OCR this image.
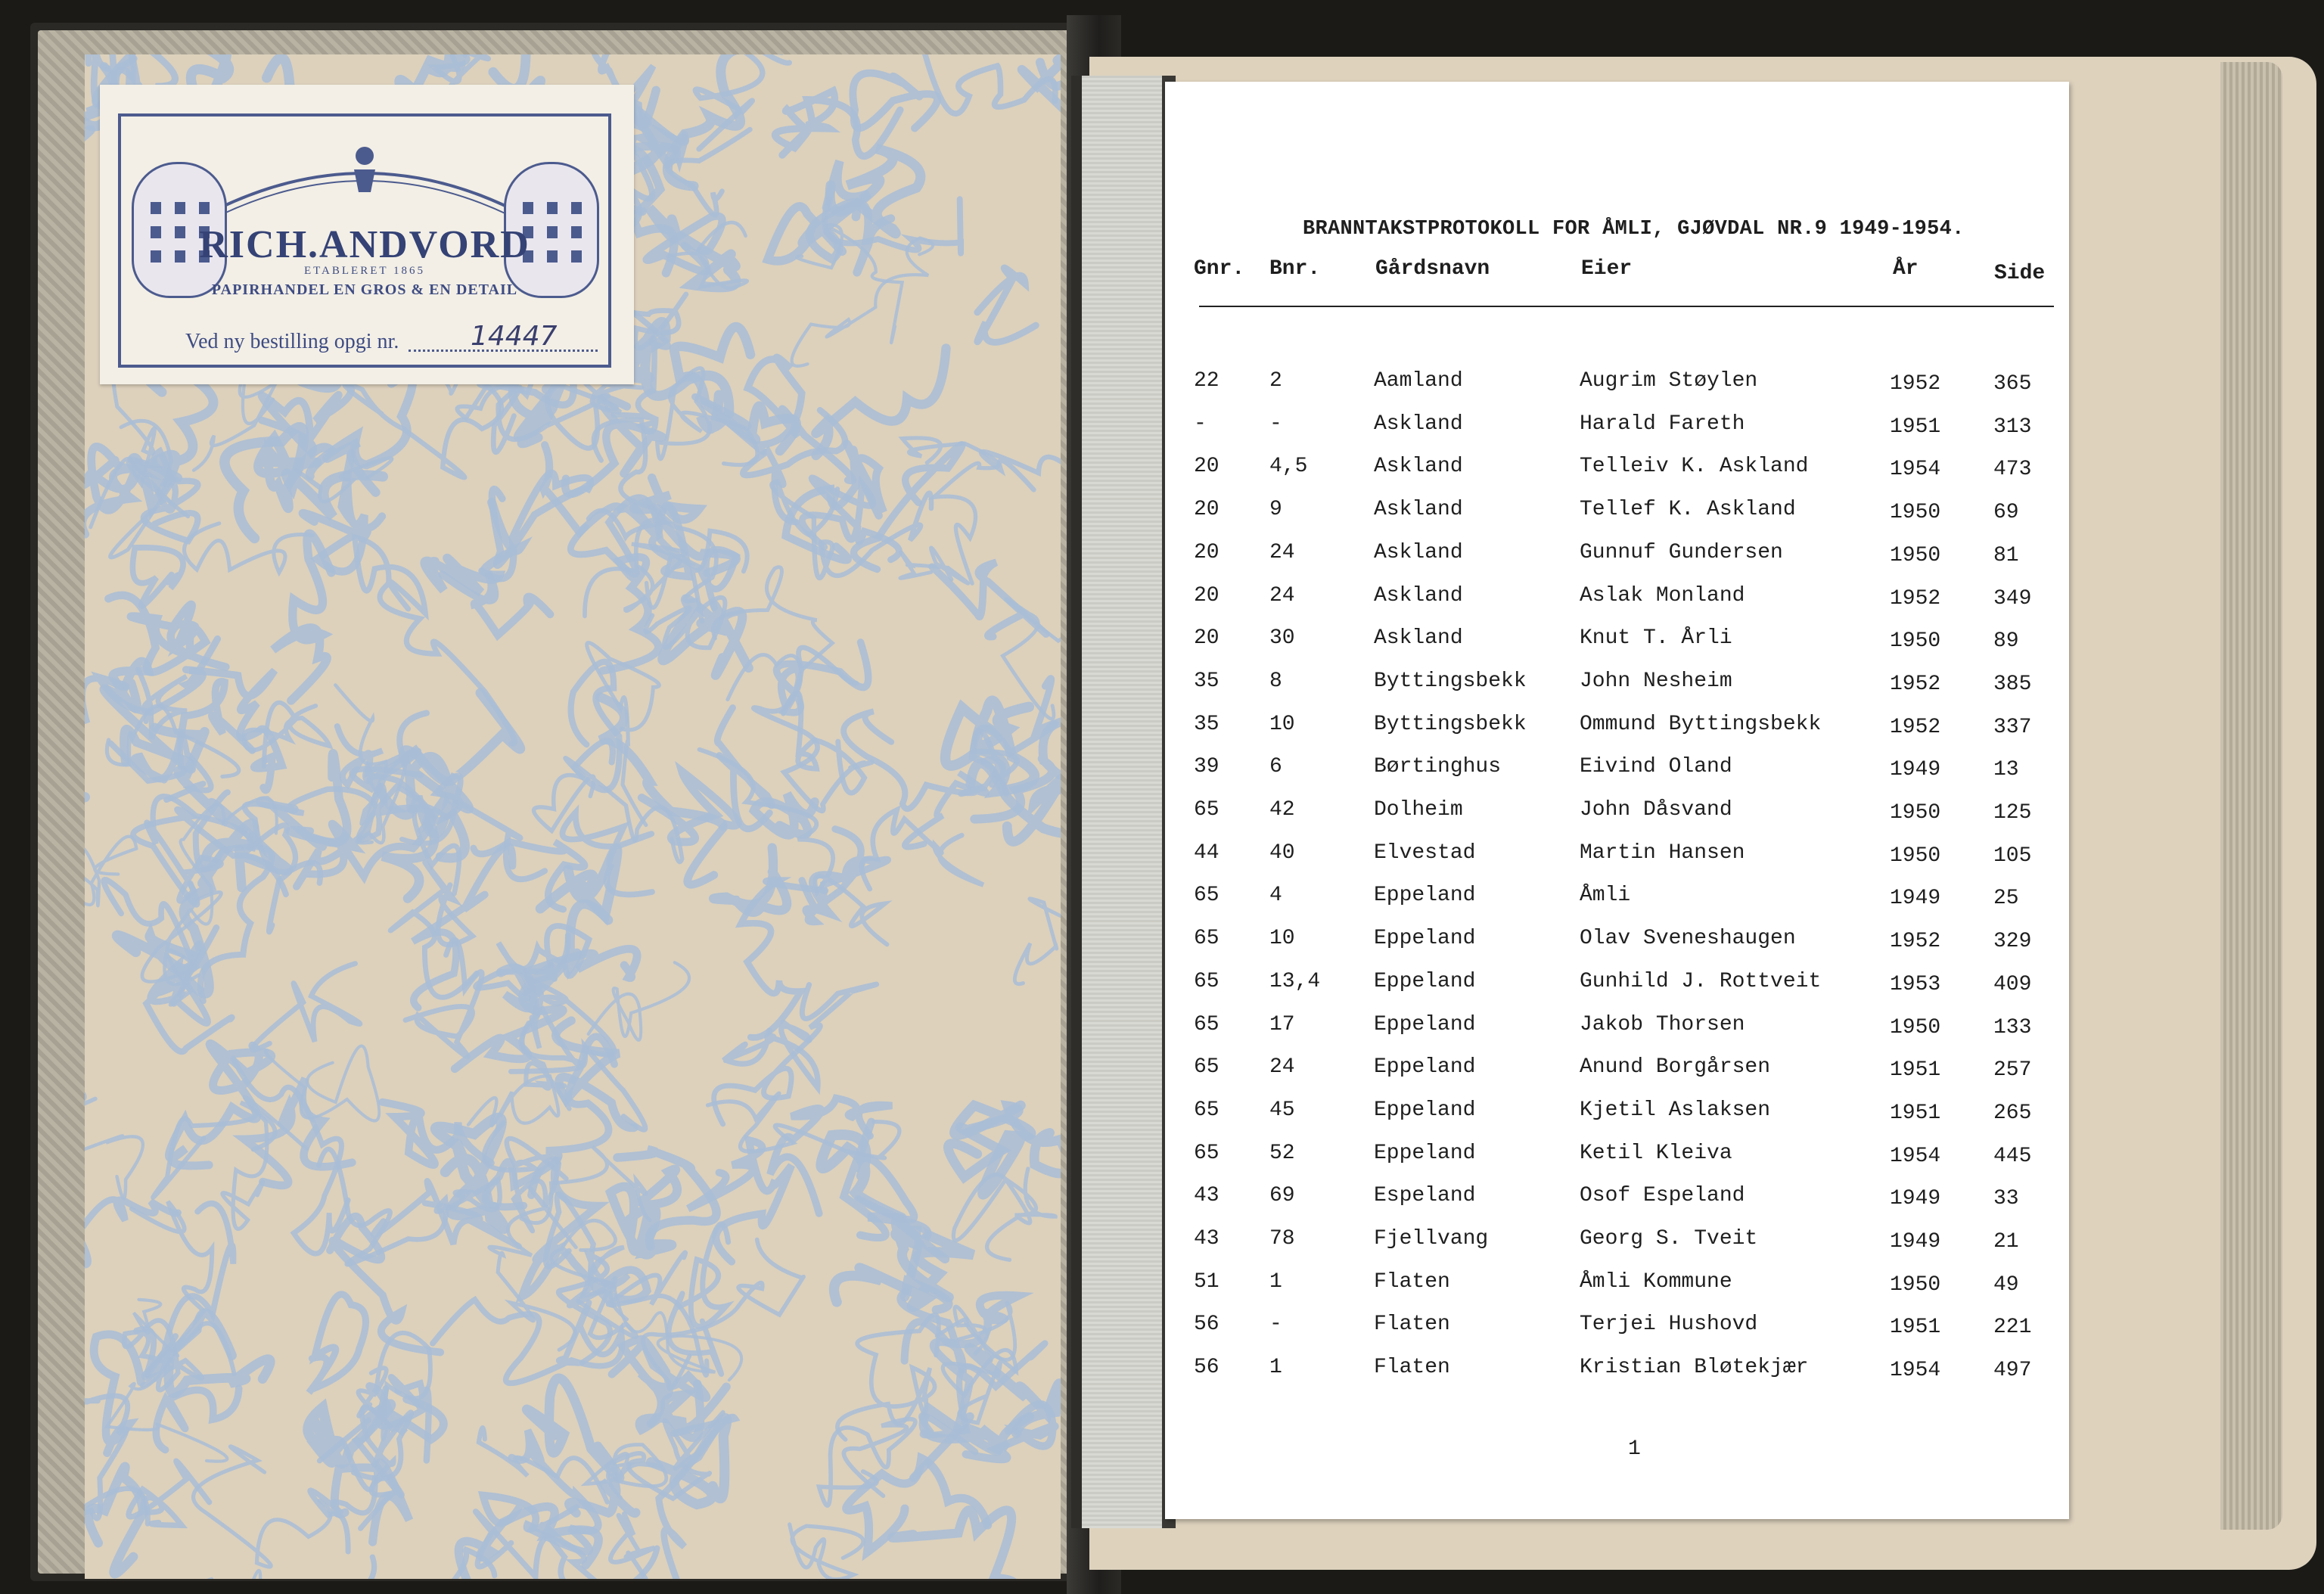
RICH.ANDVORD
ETABLERET 1865
PAPIRHANDEL EN GROS & EN DETAIL
Ved ny bestilling opgi nr.	14447
BRANNTAKSTPROTOKOLL FOR ÅMLI, GJØVDAL NR.9 1949-1954.
Gnr. Bnr.	Gårdsnavn	Eier	År	Side
22 2	Aamland	Augrim Støylen	1952 365
-	-	Askland	Harald Fareth	1951 313
20 4,5	Askland	Telleiv K. Askland	1954 473
20 9	Askland	Tellef K. Askland	1950 69
20 24	Askland	Gunnuf Gundersen	1950 81
20 24	Askland	Aslak Monland	1952 349
20 30	Askland	Knut T. Årli	1950 89
35 8	Byttingsbekk	John Nesheim	1952 385
35 10	Byttingsbekk	Ommund Byttingsbekk	1952 337
39 6	Børtinghus	Eivind Oland	1949 13
65 42	Dolheim	John Dåsvand	1950 125
44 40	Elvestad	Martin Hansen	1950 105
65 4	Eppeland	Åmli	1949 25
65 10	Eppeland	Olav Sveneshaugen	1952 329
65 13,4	Eppeland	Gunhild J. Rottveit	1953 409
65 17	Eppeland	Jakob Thorsen	1950 133
65 24	Eppeland	Anund Borgårsen	1951 257
65 45	Eppeland	Kjetil Aslaksen	1951 265
65 52	Eppeland	Ketil Kleiva	1954 445
43 69	Espeland	Osof Espeland	1949 33
43 78	Fjellvang	Georg S. Tveit	1949 21
51 1	Flaten	Åmli Kommune	1950 49
56 -	Flaten	Terjei Hushovd	1951 221
56 1	Flaten	Kristian Bløtekjær	1954 497
1
